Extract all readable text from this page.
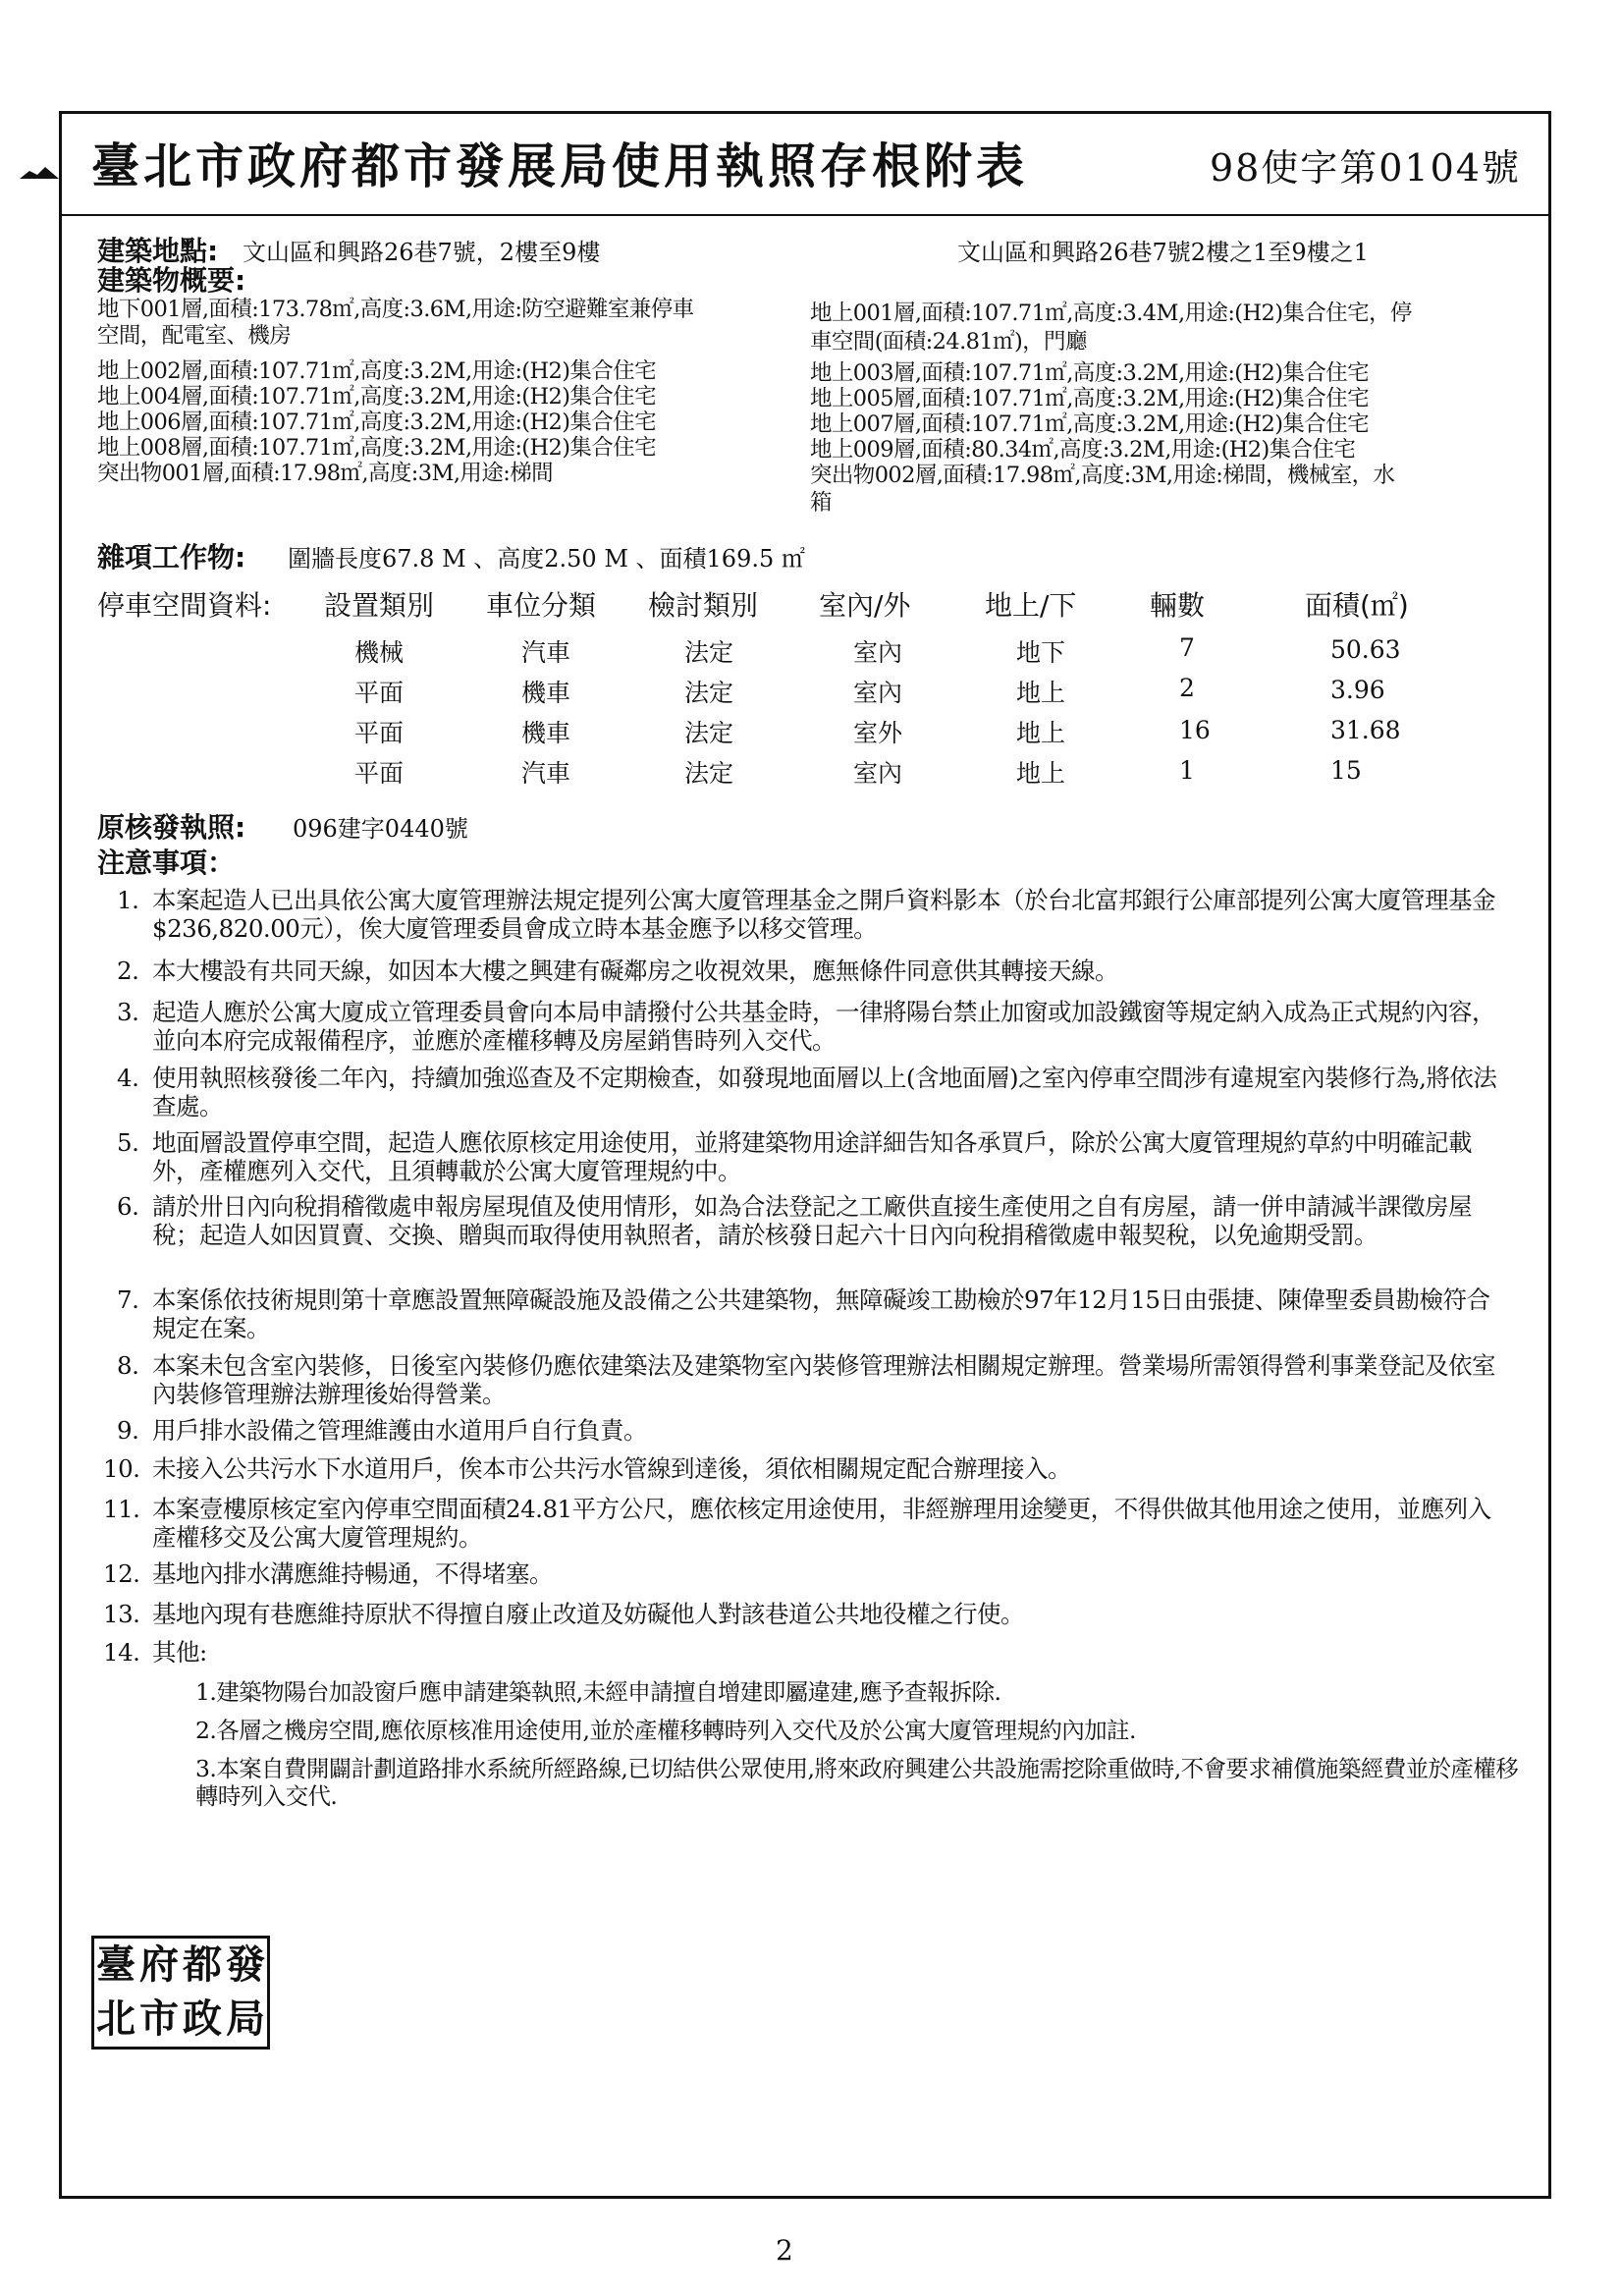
臺北市政府都市發展局使用執照存根附表	98使字第0104號
建築地點: 文山區和興路26巷7號，2樓至9樓	文山區和興路26巷7號2樓之1至9樓之1
建築物概要:
地下001層,面積:173.78㎡,高度:3.6M,用途:防空避難室兼停車
空間，配電室、機房
地上002層,面積:107.71㎡,高度:3.2M,用途:(H2)集合住宅
地上004層,面積:107.71㎡,高度:3.2M,用途:(H2)集合住宅
地上006層,面積:107.71㎡,高度:3.2M,用途:(H2)集合住宅
地上008層,面積:107.71㎡,高度:3.2M,用途:(H2)集合住宅
突出物001層,面積:17.98㎡,高度:3M,用途:梯間
地上001層,面積:107.71㎡,高度:3.4M,用途:(H2)集合住宅，停
車空間(面積:24.81㎡)，門廳
地上003層,面積:107.71㎡,高度:3.2M,用途:(H2)集合住宅
地上005層,面積:107.71㎡,高度:3.2M,用途:(H2)集合住宅
地上007層,面積:107.71㎡,高度:3.2M,用途:(H2)集合住宅
地上009層,面積:80.34㎡,高度:3.2M,用途:(H2)集合住宅
突出物002層,面積:17.98㎡,高度:3M,用途:梯間，機械室，水
箱
雜項工作物: 圍牆長度67.8 M 、高度2.50 M 、面積169.5 ㎡
停車空間資料: 設置類別 車位分類 檢討類別 室內/外	地上/下	輛數	面積(㎡)
機械	汽車	法定	室內	地下	7	50.63
平面	機車	法定	室內	地上	2	3.96
平面	機車	法定	室外	地上	16	31.68
平面	汽車	法定	室內	地上	1	15
原核發執照: 096建字0440號
注意事項：
1. 本案起造人已出具依公寓大廈管理辦法規定提列公寓大廈管理基金之開戶資料影本（於台北富邦銀行公庫部提列公寓大廈管理基金$236,820.00元），俟大廈管理委員會成立時本基金應予以移交管理。
2. 本大樓設有共同天線，如因本大樓之興建有礙鄰房之收視效果，應無條件同意供其轉接天線。
3. 起造人應於公寓大廈成立管理委員會向本局申請撥付公共基金時，一律將陽台禁止加窗或加設鐵窗等規定納入成為正式規約內容，並向本府完成報備程序，並應於產權移轉及房屋銷售時列入交代。
4. 使用執照核發後二年內，持續加強巡查及不定期檢查，如發現地面層以上(含地面層)之室內停車空間涉有違規室內裝修行為,將依法查處。
5. 地面層設置停車空間，起造人應依原核定用途使用，並將建築物用途詳細告知各承買戶，除於公寓大廈管理規約草約中明確記載外，產權應列入交代，且須轉載於公寓大廈管理規約中。
6. 請於卅日內向稅捐稽徵處申報房屋現值及使用情形，如為合法登記之工廠供直接生產使用之自有房屋，請一併申請減半課徵房屋稅；起造人如因買賣、交換、贈與而取得使用執照者，請於核發日起六十日內向稅捐稽徵處申報契稅，以免逾期受罰。
7. 本案係依技術規則第十章應設置無障礙設施及設備之公共建築物，無障礙竣工勘檢於97年12月15日由張捷、陳偉聖委員勘檢符合規定在案。
8. 本案未包含室內裝修，日後室內裝修仍應依建築法及建築物室內裝修管理辦法相關規定辦理。營業場所需領得營利事業登記及依室內裝修管理辦法辦理後始得營業。
9. 用戶排水設備之管理維護由水道用戶自行負責。
10. 未接入公共污水下水道用戶，俟本市公共污水管線到達後，須依相關規定配合辦理接入。
11. 本案壹樓原核定室內停車空間面積24.81平方公尺，應依核定用途使用，非經辦理用途變更，不得供做其他用途之使用，並應列入產權移交及公寓大廈管理規約。
12. 基地內排水溝應維持暢通，不得堵塞。
13. 基地內現有巷應維持原狀不得擅自廢止改道及妨礙他人對該巷道公共地役權之行使。
14. 其他:
1.建築物陽台加設窗戶應申請建築執照,未經申請擅自增建即屬違建,應予查報拆除.
2.各層之機房空間,應依原核准用途使用,並於產權移轉時列入交代及於公寓大廈管理規約內加註.
3.本案自費開闢計劃道路排水系統所經路線,已切結供公眾使用,將來政府興建公共設施需挖除重做時,不會要求補償施築經費並於產權移轉時列入交代.
臺 府 都 發
北 市 政 局
2
